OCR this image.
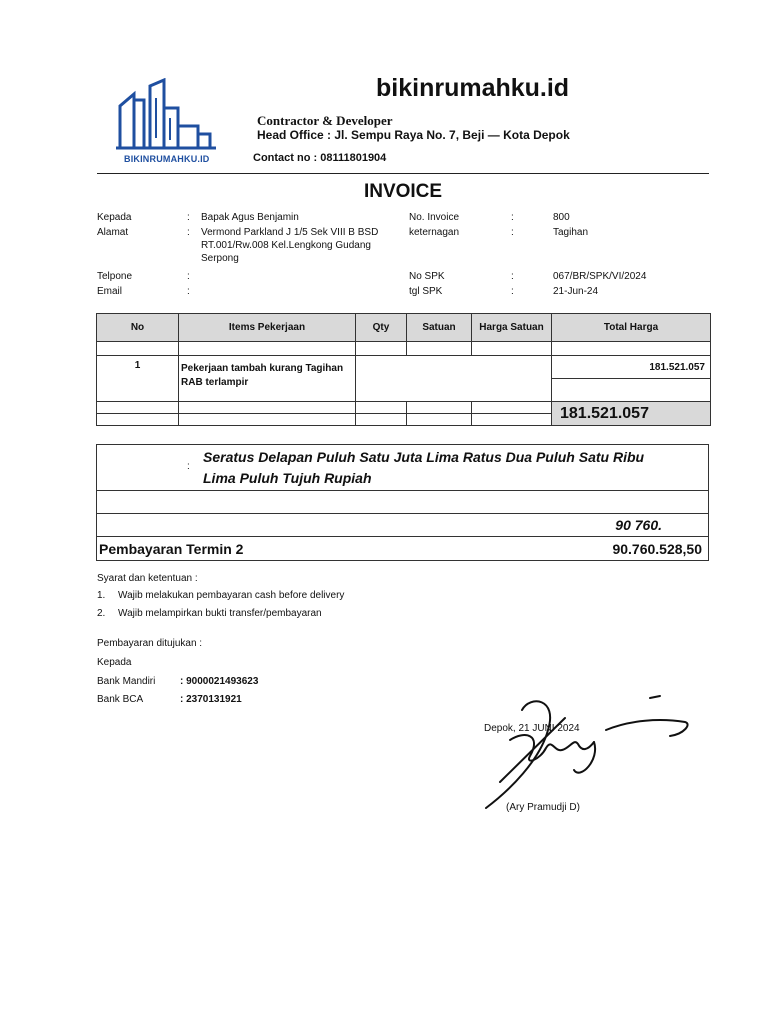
BIKINRUMAHKU.ID
bikinrumahku.id
Contractor & Developer
Head Office : Jl. Sempu Raya No. 7, Beji — Kota Depok
Contact no : 08111801904
INVOICE
Kepada	: Bapak Agus Benjamin
Alamat	: Vermond Parkland J 1/5 Sek VIII B BSD
RT.001/Rw.008 Kel.Lengkong Gudang
Serpong
Telpone	:
Email	:
No. Invoice	:	800
keternagan	:	Tagihan
No SPK	:	067/BR/SPK/VI/2024
tgl SPK	:	21-Jun-24
No	Items Pekerjaan	Qty	Satuan	Harga Satuan	Total Harga

1	Pekerjaan tambah kurang Tagihan RAB terlampir				181.521.057

					181.521.057

:
Seratus Delapan Puluh Satu Juta Lima Ratus Dua Puluh Satu Ribu
Lima Puluh Tujuh Rupiah
90 760.
Pembayaran Termin 2	90.760.528,50
Syarat dan ketentuan :
1. Wajib melakukan pembayaran cash before delivery
2. Wajib melampirkan bukti transfer/pembayaran
Pembayaran ditujukan :
Kepada
Bank Mandiri : 9000021493623
Bank BCA	: 2370131921
Depok, 21 JUNI 2024
(Ary Pramudji D)
